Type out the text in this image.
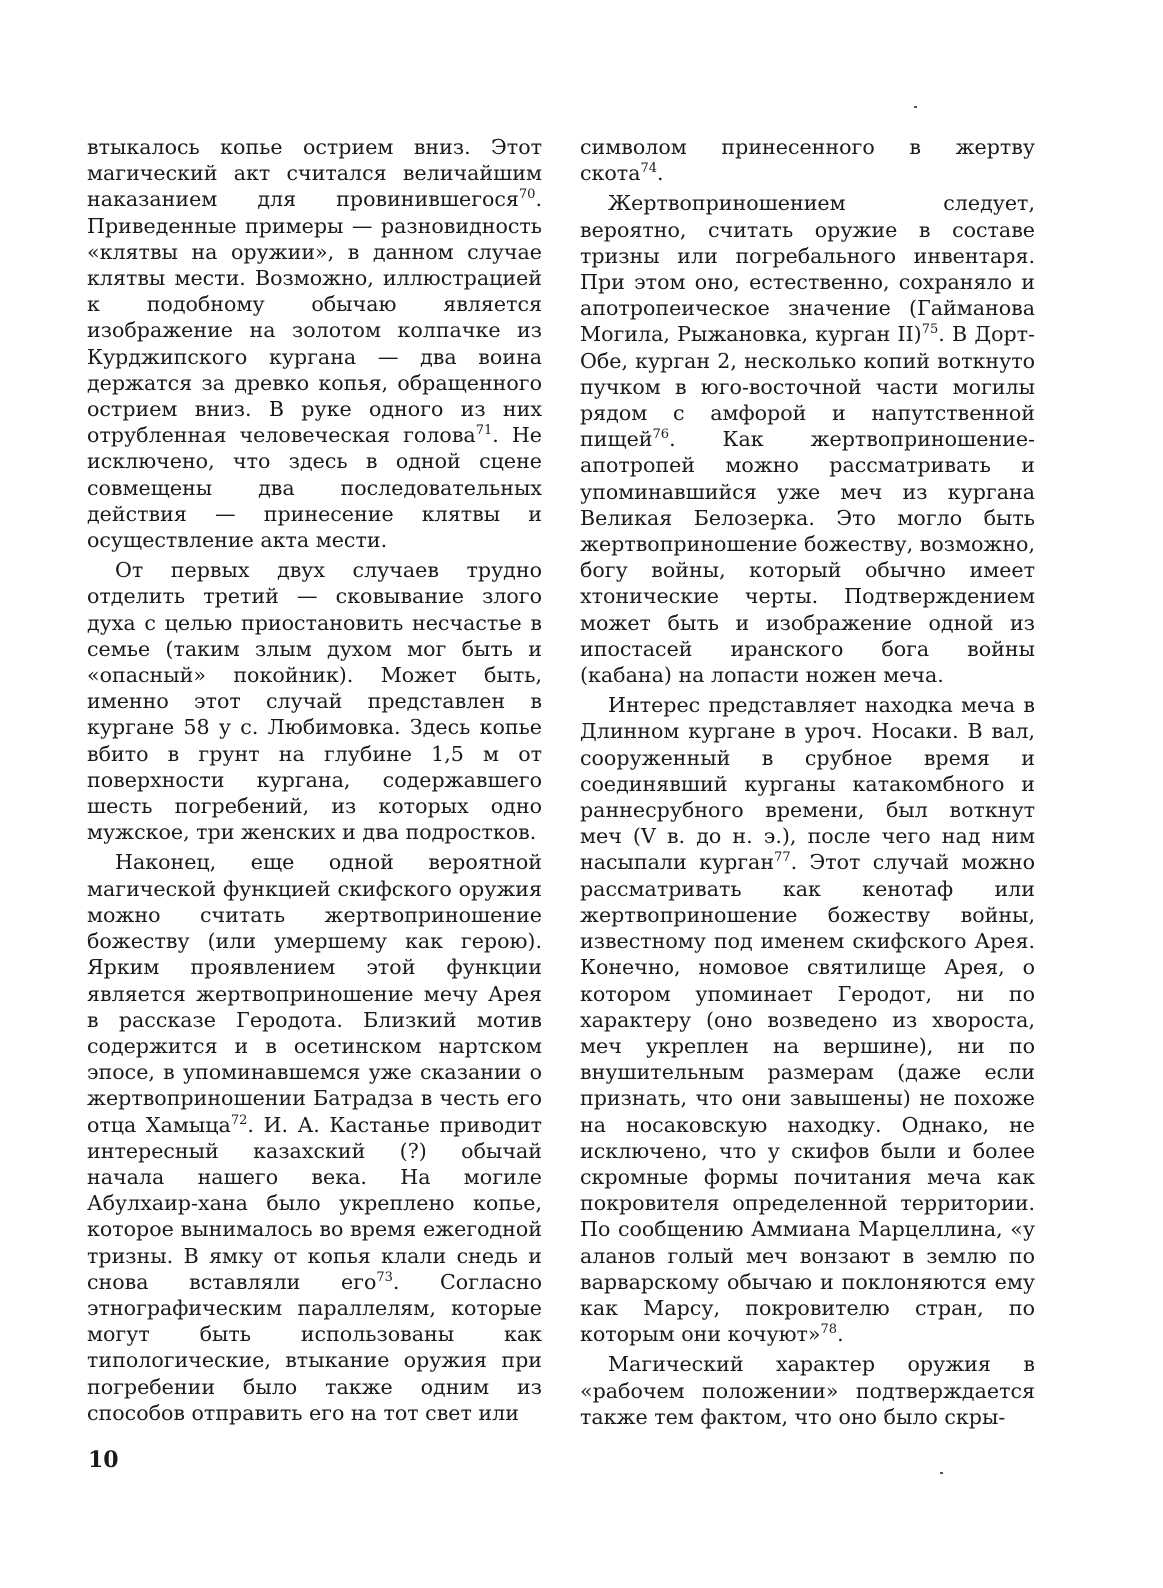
втыкалось копье острием вниз. Этот магический акт считался величайшим наказанием для провинившегося$^{70}$. Приведенные примеры — разновидность «клятвы на оружии», в данном случае клятвы мести. Возможно, иллюстрацией к подобному обычаю является изображение на золотом колпачке из Курджипского кургана — два воина держатся за древко копья, обращенного острием вниз. В руке одного из них отрубленная человеческая голова$^{71}$. Не исключено, что здесь в одной сцене совмещены два последовательных действия — принесение клятвы и осуществление акта мести.

От первых двух случаев трудно отделить третий — сковывание злого духа с целью приостановить несчастье в семье (таким злым духом мог быть и «опасный» покойник). Может быть, именно этот случай представлен в кургане 58 у с. Любимовка. Здесь копье вбито в грунт на глубине 1,5 м от поверхности кургана, содержавшего шесть погребений, из которых одно мужское, три женских и два подростков.

Наконец, еще одной вероятной магической функцией скифского оружия можно считать жертвоприношение божеству (или умершему как герою). Ярким проявлением этой функции является жертвоприношение мечу Арея в рассказе Геродота. Близкий мотив содержится и в осетинском нартском эпосе, в упоминавшемся уже сказании о жертвоприношении Батрадза в честь его отца Хамыца$^{72}$. И. А. Кастанье приводит интересный казахский (?) обычай начала нашего века. На могиле Абулхаир-хана было укреплено копье, которое вынималось во время ежегодной тризны. В ямку от копья клали снедь и снова вставляли его$^{73}$. Согласно этнографическим параллелям, которые могут быть использованы как типологические, втыкание оружия при погребении было также одним из способов отправить его на тот свет или

символом принесенного в жертву скота$^{74}$.

Жертвоприношением следует, вероятно, считать оружие в составе тризны или погребального инвентаря. При этом оно, естественно, сохраняло и апотропеическое значение (Гайманова Могила, Рыжановка, курган II)$^{75}$. В Дорт-Обе, курган 2, несколько копий воткнуто пучком в юго-восточной части могилы рядом с амфорой и напутственной пищей$^{76}$. Как жертвоприношение-апотропей можно рассматривать и упоминавшийся уже меч из кургана Великая Белозерка. Это могло быть жертвоприношение божеству, возможно, богу войны, который обычно имеет хтонические черты. Подтверждением может быть и изображение одной из ипостасей иранского бога войны (кабана) на лопасти ножен меча.

Интерес представляет находка меча в Длинном кургане в уроч. Носаки. В вал, сооруженный в срубное время и соединявший курганы катакомбного и раннесрубного времени, был воткнут меч (V в. до н. э.), после чего над ним насыпали курган$^{77}$. Этот случай можно рассматривать как кенотаф или жертвоприношение божеству войны, известному под именем скифского Арея. Конечно, номовое святилище Арея, о котором упоминает Геродот, ни по характеру (оно возведено из хвороста, меч укреплен на вершине), ни по внушительным размерам (даже если признать, что они завышены) не похоже на носаковскую находку. Однако, не исключено, что у скифов были и более скромные формы почитания меча как покровителя определенной территории. По сообщению Аммиана Марцеллина, «у аланов голый меч вонзают в землю по варварскому обычаю и поклоняются ему как Марсу, покровителю стран, по которым они кочуют»$^{78}$.

Магический характер оружия в «рабочем положении» подтверждается также тем фактом, что оно было скры-

10
